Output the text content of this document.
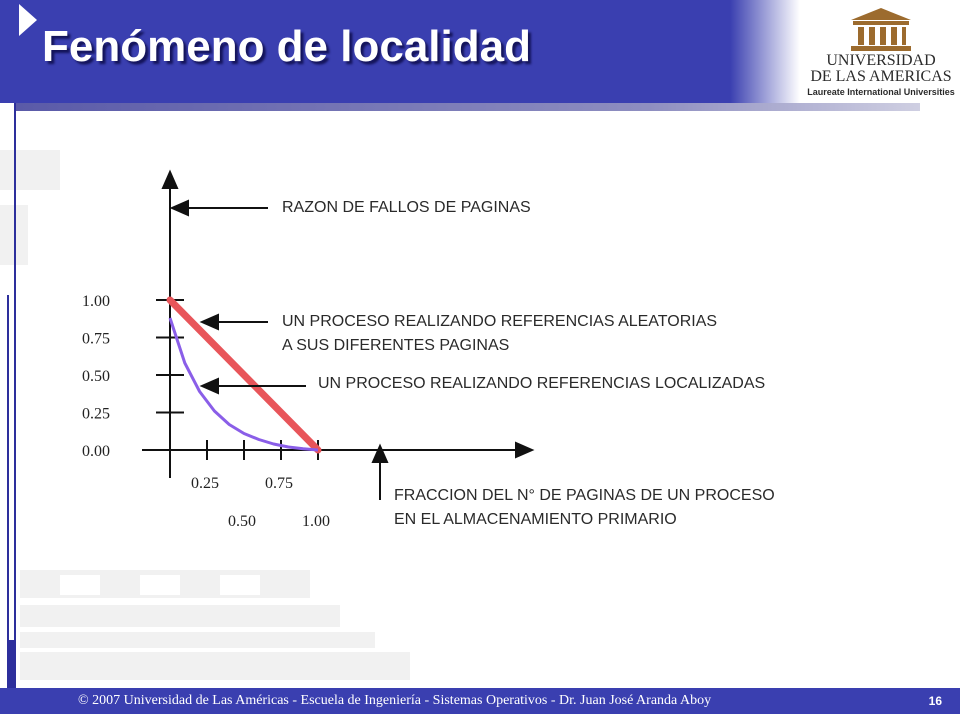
Fenómeno de localidad	UNIVERSIDAD
DE LAS AMERICAS
Laureate International Universities
RAZON DE FALLOS DE PAGINAS
UN PROCESO REALIZANDO REFERENCIAS ALEATORIAS
A SUS DIFERENTES PAGINAS
UN PROCESO REALIZANDO REFERENCIAS LOCALIZADAS
FRACCION DEL N° DE PAGINAS DE UN PROCESO
EN EL ALMACENAMIENTO PRIMARIO
1.00
0.75
0.50
0.25
0.00
0.25	0.75
0.50	1.00
© 2007 Universidad de Las Américas - Escuela de Ingeniería - Sistemas Operativos - Dr. Juan José Aranda Aboy	16
